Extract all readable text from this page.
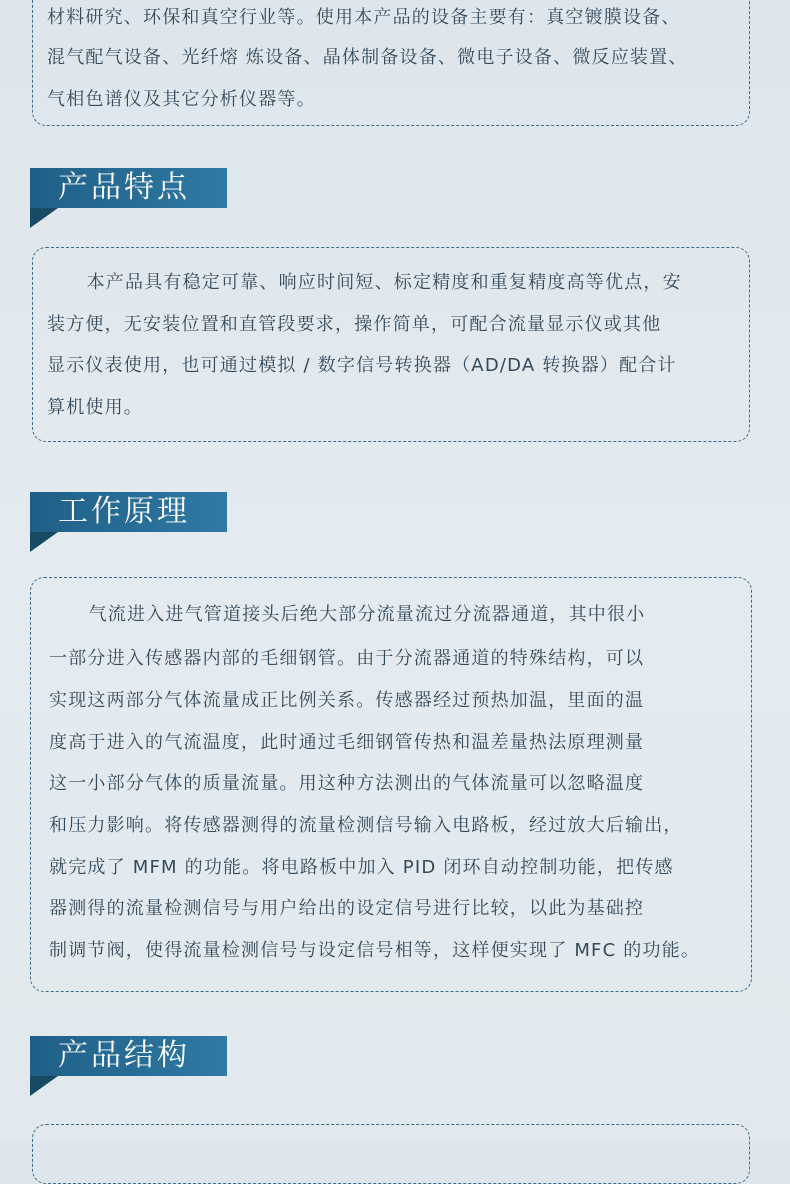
材料研究、环保和真空行业等。使用本产品的设备主要有：真空镀膜设备、

混气配气设备、光纤熔 炼设备、晶体制备设备、微电子设备、微反应装置、

气相色谱仪及其它分析仪器等。

产品特点

本产品具有稳定可靠、响应时间短、标定精度和重复精度高等优点，安

装方便，无安装位置和直管段要求，操作简单，可配合流量显示仪或其他

显示仪表使用，也可通过模拟 / 数字信号转换器（AD/DA 转换器）配合计

算机使用。

工作原理

气流进入进气管道接头后绝大部分流量流过分流器通道，其中很小

一部分进入传感器内部的毛细钢管。由于分流器通道的特殊结构，可以

实现这两部分气体流量成正比例关系。传感器经过预热加温，里面的温

度高于进入的气流温度，此时通过毛细钢管传热和温差量热法原理测量

这一小部分气体的质量流量。用这种方法测出的气体流量可以忽略温度

和压力影响。将传感器测得的流量检测信号输入电路板，经过放大后输出，

就完成了 MFM 的功能。将电路板中加入 PID 闭环自动控制功能，把传感

器测得的流量检测信号与用户给出的设定信号进行比较，以此为基础控

制调节阀，使得流量检测信号与设定信号相等，这样便实现了 MFC 的功能。

产品结构
